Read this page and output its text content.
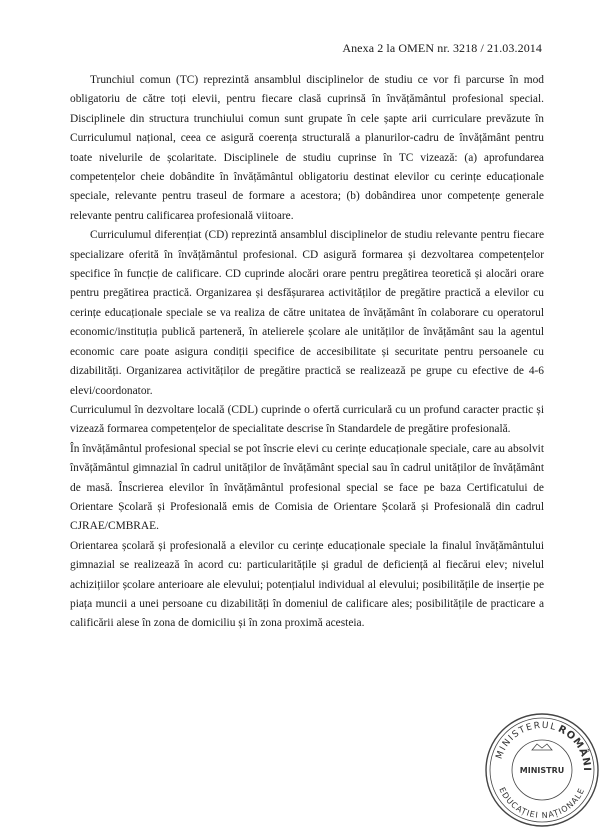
Anexa 2 la OMEN nr. 3218 / 21.03.2014

Trunchiul comun (TC) reprezintă ansamblul disciplinelor de studiu ce vor fi parcurse în mod obligatoriu de către toți elevii, pentru fiecare clasă cuprinsă în învățământul profesional special. Disciplinele din structura trunchiului comun sunt grupate în cele șapte arii curriculare prevăzute în Curriculumul național, ceea ce asigură coerența structurală a planurilor-cadru de învățământ pentru toate nivelurile de școlaritate. Disciplinele de studiu cuprinse în TC vizează: (a) aprofundarea competențelor cheie dobândite în învățământul obligatoriu destinat elevilor cu cerințe educaționale speciale, relevante pentru traseul de formare a acestora; (b) dobândirea unor competențe generale relevante pentru calificarea profesională viitoare.

Curriculumul diferențiat (CD) reprezintă ansamblul disciplinelor de studiu relevante pentru fiecare specializare oferită în învățământul profesional. CD asigură formarea și dezvoltarea competențelor specifice în funcție de calificare. CD cuprinde alocări orare pentru pregătirea teoretică și alocări orare pentru pregătirea practică. Organizarea și desfășurarea activităților de pregătire practică a elevilor cu cerințe educaționale speciale se va realiza de către unitatea de învățământ în colaborare cu operatorul economic/instituția publică parteneră, în atelierele școlare ale unităților de învățământ sau la agentul economic care poate asigura condiții specifice de accesibilitate și securitate pentru persoanele cu dizabilități. Organizarea activităților de pregătire practică se realizează pe grupe cu efective de 4-6 elevi/coordonator.

Curriculumul în dezvoltare locală (CDL) cuprinde o ofertă curriculară cu un profund caracter practic și vizează formarea competențelor de specialitate descrise în Standardele de pregătire profesională.

În învățământul profesional special se pot înscrie elevi cu cerințe educaționale speciale, care au absolvit învățământul gimnazial în cadrul unităților de învățământ special sau în cadrul unităților de învățământ de masă. Înscrierea elevilor în învățământul profesional special se face pe baza Certificatului de Orientare Școlară și Profesională emis de Comisia de Orientare Școlară și Profesională din cadrul CJRAE/CMBRAE.

Orientarea școlară și profesională a elevilor cu cerințe educaționale speciale la finalul învățământului gimnazial se realizează în acord cu: particularitățile și gradul de deficiență al fiecărui elev; nivelul achizițiilor școlare anterioare ale elevului; potențialul individual al elevului; posibilitățile de inserție pe piața muncii a unei persoane cu dizabilități în domeniul de calificare ales; posibilitățile de practicare a calificării alese în zona de domiciliu și în zona proximă acesteia.

MINISTERUL
ROMÂNI
EDUCAȚIEI NAȚIONALE
MINISTRU
